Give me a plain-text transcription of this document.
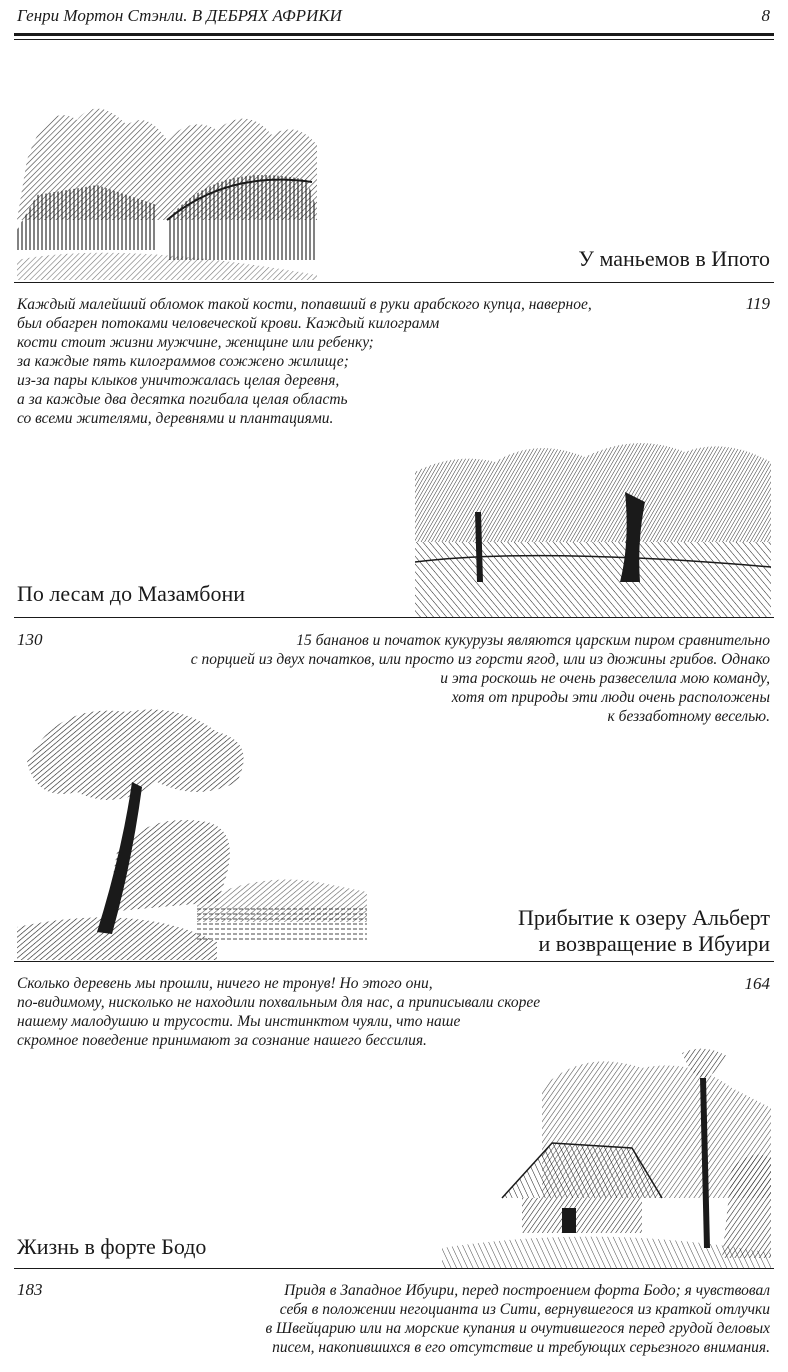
Генри Мортон Стэнли. В ДЕБРЯХ АФРИКИ	8
У маньемов в Ипото
Каждый малейший обломок такой кости, попавший в руки арабского купца, наверное,
был обагрен потоками человеческой крови. Каждый килограмм
кости стоит жизни мужчине, женщине или ребенку;
за каждые пять килограммов сожжено жилище;
из-за пары клыков уничтожалась целая деревня,
а за каждые два десятка погибала целая область
со всеми жителями, деревнями и плантациями.
119
По лесам до Мазамбони
130	15 бананов и початок кукурузы являются царским пиром сравнительно
с порцией из двух початков, или просто из горсти ягод, или из дюжины грибов. Однако
и эта роскошь не очень развеселила мою команду,
хотя от природы эти люди очень расположены
к беззаботному веселью.
Прибытие к озеру Альберт
и возвращение в Ибуири
Сколько деревень мы прошли, ничего не тронув! Но этого они,
по-видимому, нисколько не находили похвальным для нас, а приписывали скорее
нашему малодушию и трусости. Мы инстинктом чуяли, что наше
скромное поведение принимают за сознание нашего бессилия.
164
Жизнь в форте Бодо
183	Придя в Западное Ибуири, перед построением форта Бодо; я чувствовал
себя в положении негоцианта из Сити, вернувшегося из краткой отлучки
в Швейцарию или на морские купания и очутившегося перед грудой деловых
писем, накопившихся в его отсутствие и требующих серьезного внимания.
